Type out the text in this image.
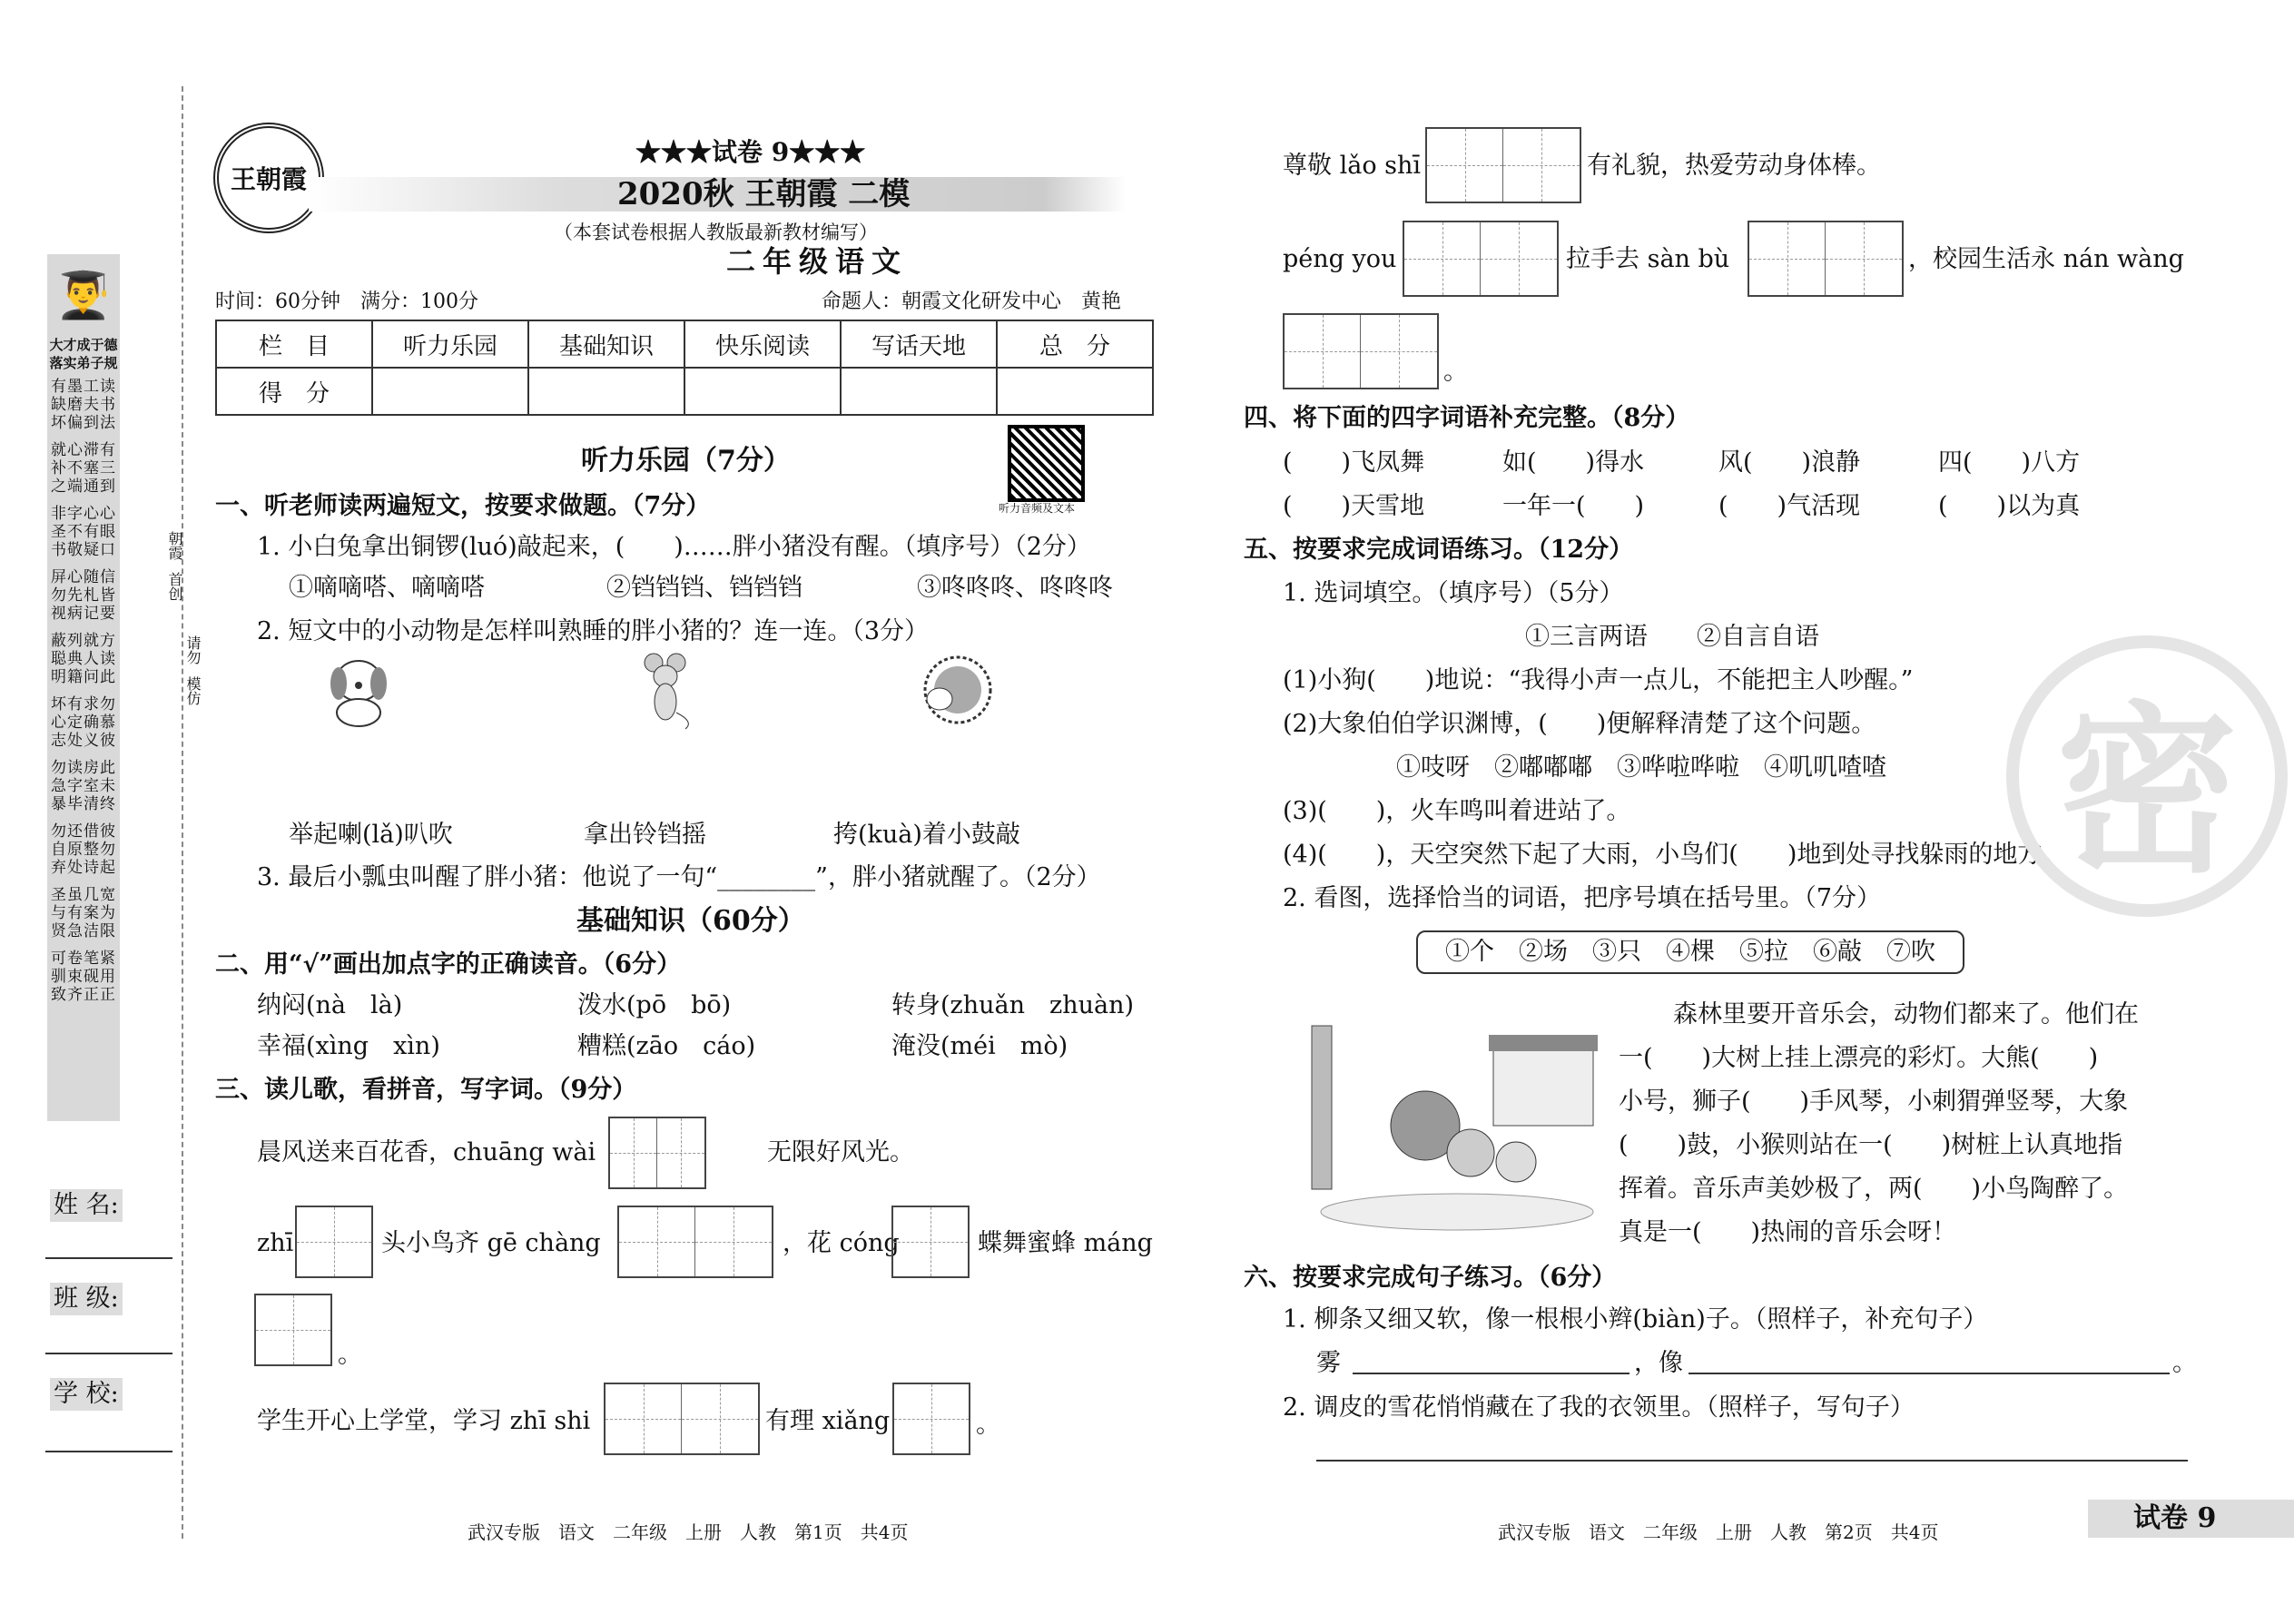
👨‍🎓
大才成于德 落实弟子规
有墨工读
缺磨夫书
坏偏到法
就心滞有
补不塞三
之端通到
非字心心
圣不有眼
书敬疑口
屏心随信
勿先札皆
视病记要
蔽列就方
聪典人读
明籍问此
坏有求勿
心定确慕
志处义彼
勿读房此
急字室未
暴毕清终
勿还借彼
自原整勿
弃处诗起
圣虽几宽
与有案为
贤急洁限
可卷笔紧
驯束砚用
致齐正正
朝霞
首创
请勿
模仿
姓 名:
班 级:
学 校:
王朝霞
★★★试卷 9★★★
2020秋 王朝霞 二模
（本套试卷根据人教版最新教材编写）
二年级语文
时间：60分钟　满分：100分	命题人：朝霞文化研发中心　黄艳
栏　目	听力乐园	基础知识	快乐阅读	写话天地	总　分
得　分					
听力乐园（7分）
听力音频及文本
一、听老师读两遍短文，按要求做题。（7分）
1. 小白兔拿出铜锣(luó)敲起来，(　　)……胖小猪没有醒。（填序号）（2分）
①嘀嘀嗒、嘀嘀嗒	②铛铛铛、铛铛铛	③咚咚咚、咚咚咚
2. 短文中的小动物是怎样叫熟睡的胖小猪的？连一连。（3分）
举起喇(lǎ)叭吹	拿出铃铛摇	挎(kuà)着小鼓敲
3. 最后小瓢虫叫醒了胖小猪：他说了一句“________”，胖小猪就醒了。（2分）
基础知识（60分）
二、用“√”画出加点字的正确读音。（6分）
纳闷(nà　là)	泼水(pō　bō)	转身(zhuǎn　zhuàn)
幸福(xìng　xìn)	糟糕(zāo　cáo)	淹没(méi　mò)
三、读儿歌，看拼音，写字词。（9分）
晨风送来百花香，chuāng wài	无限好风光。
zhī	头小鸟齐 gē chàng	，花 cóng	蝶舞蜜蜂 máng
。
学生开心上学堂，学习 zhī shi	有理 xiǎng	。
武汉专版　语文　二年级　上册　人教　第1页　共4页
尊敬 lǎo shī	有礼貌，热爱劳动身体棒。
péng you	拉手去 sàn bù	，校园生活永 nán wàng
。
四、将下面的四字词语补充完整。（8分）
(　　)飞凤舞	如(　　)得水	风(　　)浪静	四(　　)八方
(　　)天雪地	一年一(　　)	(　　)气活现	(　　)以为真
五、按要求完成词语练习。（12分）
1. 选词填空。（填序号）（5分）
①三言两语　　②自言自语
(1)小狗(　　)地说：“我得小声一点儿，不能把主人吵醒。”
(2)大象伯伯学识渊博，(　　)便解释清楚了这个问题。
①吱呀　②嘟嘟嘟　③哗啦哗啦　④叽叽喳喳
(3)(　　)，火车鸣叫着进站了。
(4)(　　)，天空突然下起了大雨，小鸟们(　　)地到处寻找躲雨的地方。
2. 看图，选择恰当的词语，把序号填在括号里。（7分）
①个　②场　③只　④棵　⑤拉　⑥敲　⑦吹
森林里要开音乐会，动物们都来了。他们在
一(　　)大树上挂上漂亮的彩灯。大熊(　　)
小号，狮子(　　)手风琴，小刺猬弹竖琴，大象
(　　)鼓，小猴则站在一(　　)树桩上认真地指
挥着。音乐声美妙极了，两(　　)小鸟陶醉了。
真是一(　　)热闹的音乐会呀！
六、按要求完成句子练习。（6分）
1. 柳条又细又软，像一根根小辫(biàn)子。（照样子，补充句子）
雾	，像	。
2. 调皮的雪花悄悄藏在了我的衣领里。（照样子，写句子）
武汉专版　语文　二年级　上册　人教　第2页　共4页	试卷 9
密
